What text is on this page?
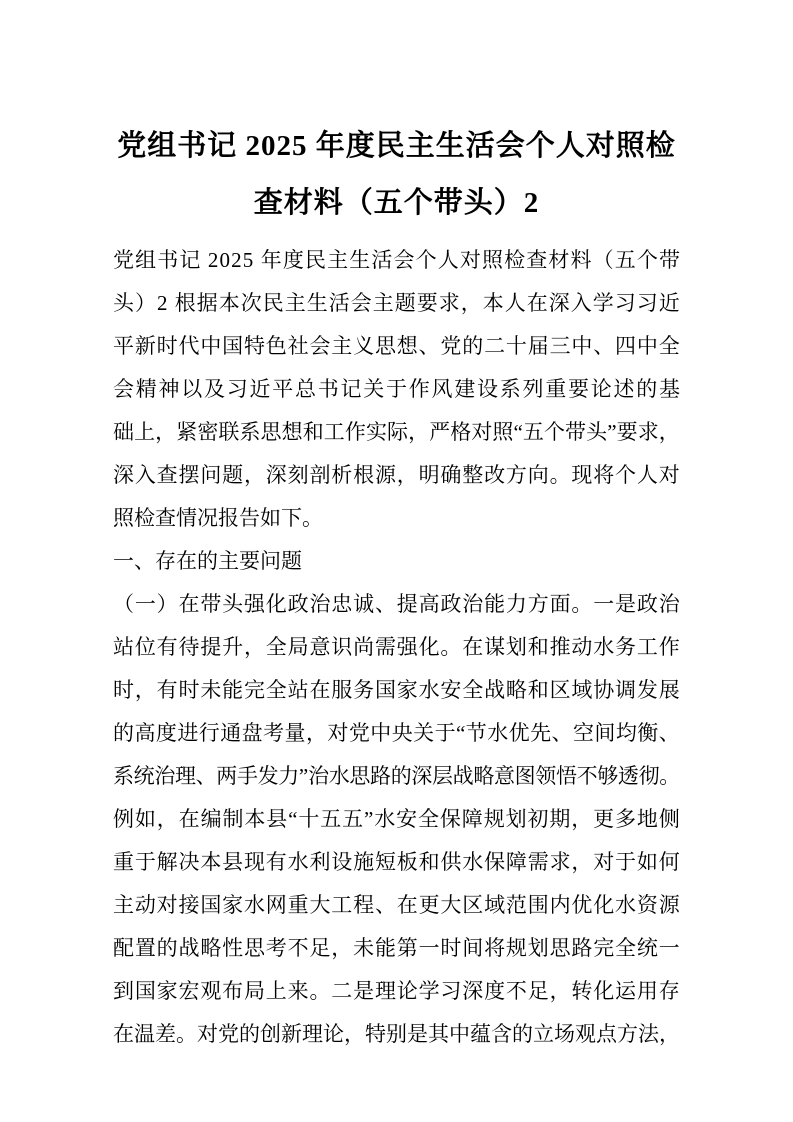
党组书记 2025 年度民主生活会个人对照检
查材料（五个带头）2
党 组 书 记
2 0 2 5
年 度 民 主 生 活 会 个 人 对 照 检 查 材 料 （ 五 个 带
头 ） 2
根 据 本 次 民 主 生 活 会 主 题 要 求 ， 本 人 在 深 入 学 习 习 近
平 新 时 代 中 国 特 色 社 会 主 义 思 想 、 党 的 二 十 届 三 中 、 四 中 全
会 精 神 以 及 习 近 平 总 书 记 关 于 作 风 建 设 系 列 重 要 论 述 的 基
础 上 ， 紧 密 联 系 思 想 和 工 作 实 际 ， 严 格 对 照 “ 五 个 带 头 ” 要 求 ，
深 入 查 摆 问 题 ， 深 刻 剖 析 根 源 ， 明 确 整 改 方 向 。 现 将 个 人 对
照检查情况报告如下。
一、存在的主要问题
（ 一 ） 在 带 头 强 化 政 治 忠 诚 、 提 高 政 治 能 力 方 面 。 一 是 政 治
站 位 有 待 提 升 ， 全 局 意 识 尚 需 强 化 。 在 谋 划 和 推 动 水 务 工 作
时 ， 有 时 未 能 完 全 站 在 服 务 国 家 水 安 全 战 略 和 区 域 协 调 发 展
的 高 度 进 行 通 盘 考 量 ， 对 党 中 央 关 于 “ 节 水 优 先 、 空 间 均 衡 、
系 统 治 理 、 两 手 发 力 ” 治 水 思 路 的 深 层 战 略 意 图 领 悟 不 够 透 彻 。
例 如 ， 在 编 制 本 县 “ 十 五 五 ” 水 安 全 保 障 规 划 初 期 ， 更 多 地 侧
重 于 解 决 本 县 现 有 水 利 设 施 短 板 和 供 水 保 障 需 求 ， 对 于 如 何
主 动 对 接 国 家 水 网 重 大 工 程 、 在 更 大 区 域 范 围 内 优 化 水 资 源
配 置 的 战 略 性 思 考 不 足 ， 未 能 第 一 时 间 将 规 划 思 路 完 全 统 一
到 国 家 宏 观 布 局 上 来 。 二 是 理 论 学 习 深 度 不 足 ， 转 化 运 用 存
在 温 差 。 对 党 的 创 新 理 论 ， 特 别 是 其 中 蕴 含 的 立 场 观 点 方 法 ，
